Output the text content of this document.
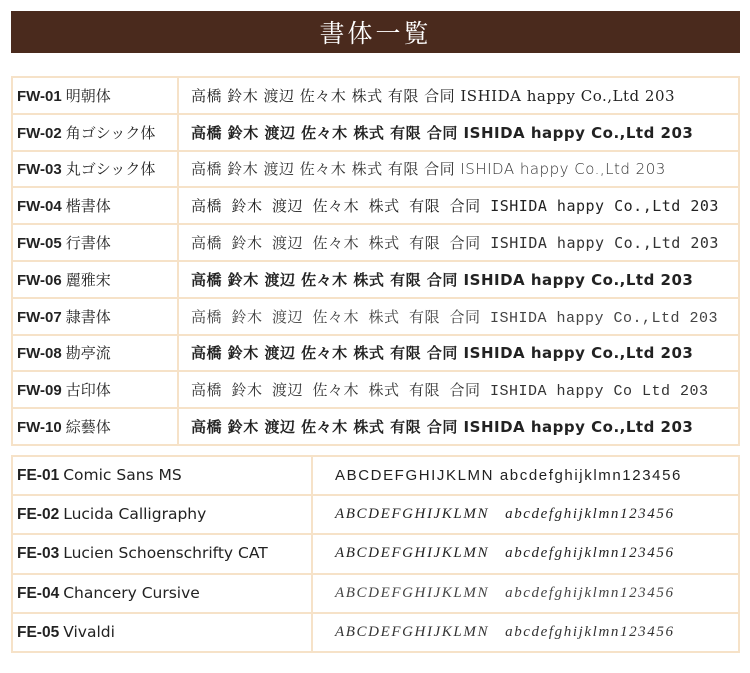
書体一覧
FW-01 明朝体	高橋 鈴木 渡辺 佐々木 株式 有限 合同 ISHIDA happy Co.,Ltd 203
FW-02 角ゴシック体	高橋 鈴木 渡辺 佐々木 株式 有限 合同 ISHIDA happy Co.,Ltd 203
FW-03 丸ゴシック体	高橋 鈴木 渡辺 佐々木 株式 有限 合同 ISHIDA happy Co.,Ltd 203
FW-04 楷書体	高橋 鈴木 渡辺 佐々木 株式 有限 合同 ISHIDA happy Co.,Ltd 203
FW-05 行書体	高橋 鈴木 渡辺 佐々木 株式 有限 合同 ISHIDA happy Co.,Ltd 203
FW-06 麗雅宋	高橋 鈴木 渡辺 佐々木 株式 有限 合同 ISHIDA happy Co.,Ltd 203
FW-07 隷書体	高橋 鈴木 渡辺 佐々木 株式 有限 合同 ISHIDA happy Co.,Ltd 203
FW-08 勘亭流	高橋 鈴木 渡辺 佐々木 株式 有限 合同 ISHIDA happy Co.,Ltd 203
FW-09 古印体	高橋 鈴木 渡辺 佐々木 株式 有限 合同 ISHIDA happy Co Ltd 203
FW-10 綜藝体	高橋 鈴木 渡辺 佐々木 株式 有限 合同 ISHIDA happy Co.,Ltd 203
FE-01 Comic Sans MS	ABCDEFGHIJKLMN abcdefghijklmn123456
FE-02 Lucida Calligraphy	ABCDEFGHIJKLMN   abcdefghijklmn123456
FE-03 Lucien Schoenschrifty CAT	ABCDEFGHIJKLMN   abcdefghijklmn123456
FE-04 Chancery Cursive	ABCDEFGHIJKLMN   abcdefghijklmn123456
FE-05 Vivaldi	ABCDEFGHIJKLMN   abcdefghijklmn123456
